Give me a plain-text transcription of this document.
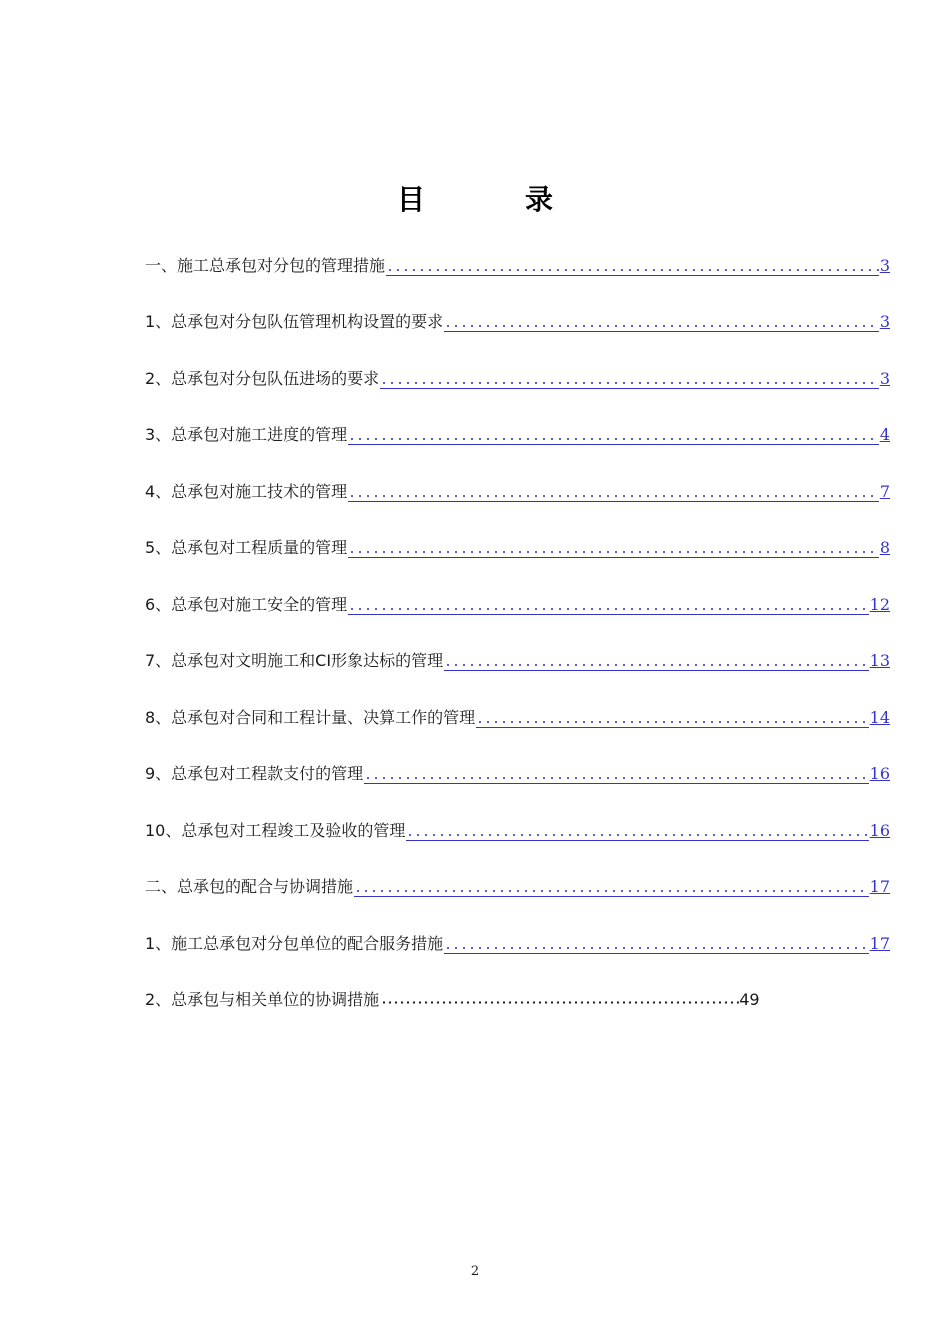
目　录
一、施工总承包对分包的管理措施	3
1、总承包对分包队伍管理机构设置的要求	3
2、总承包对分包队伍进场的要求	3
3、总承包对施工进度的管理	4
4、总承包对施工技术的管理	7
5、总承包对工程质量的管理	8
6、总承包对施工安全的管理	12
7、总承包对文明施工和CI形象达标的管理	13
8、总承包对合同和工程计量、决算工作的管理	14
9、总承包对工程款支付的管理	16
10、总承包对工程竣工及验收的管理	16
二、总承包的配合与协调措施	17
1、施工总承包对分包单位的配合服务措施	17
2、总承包与相关单位的协调措施	49
2
